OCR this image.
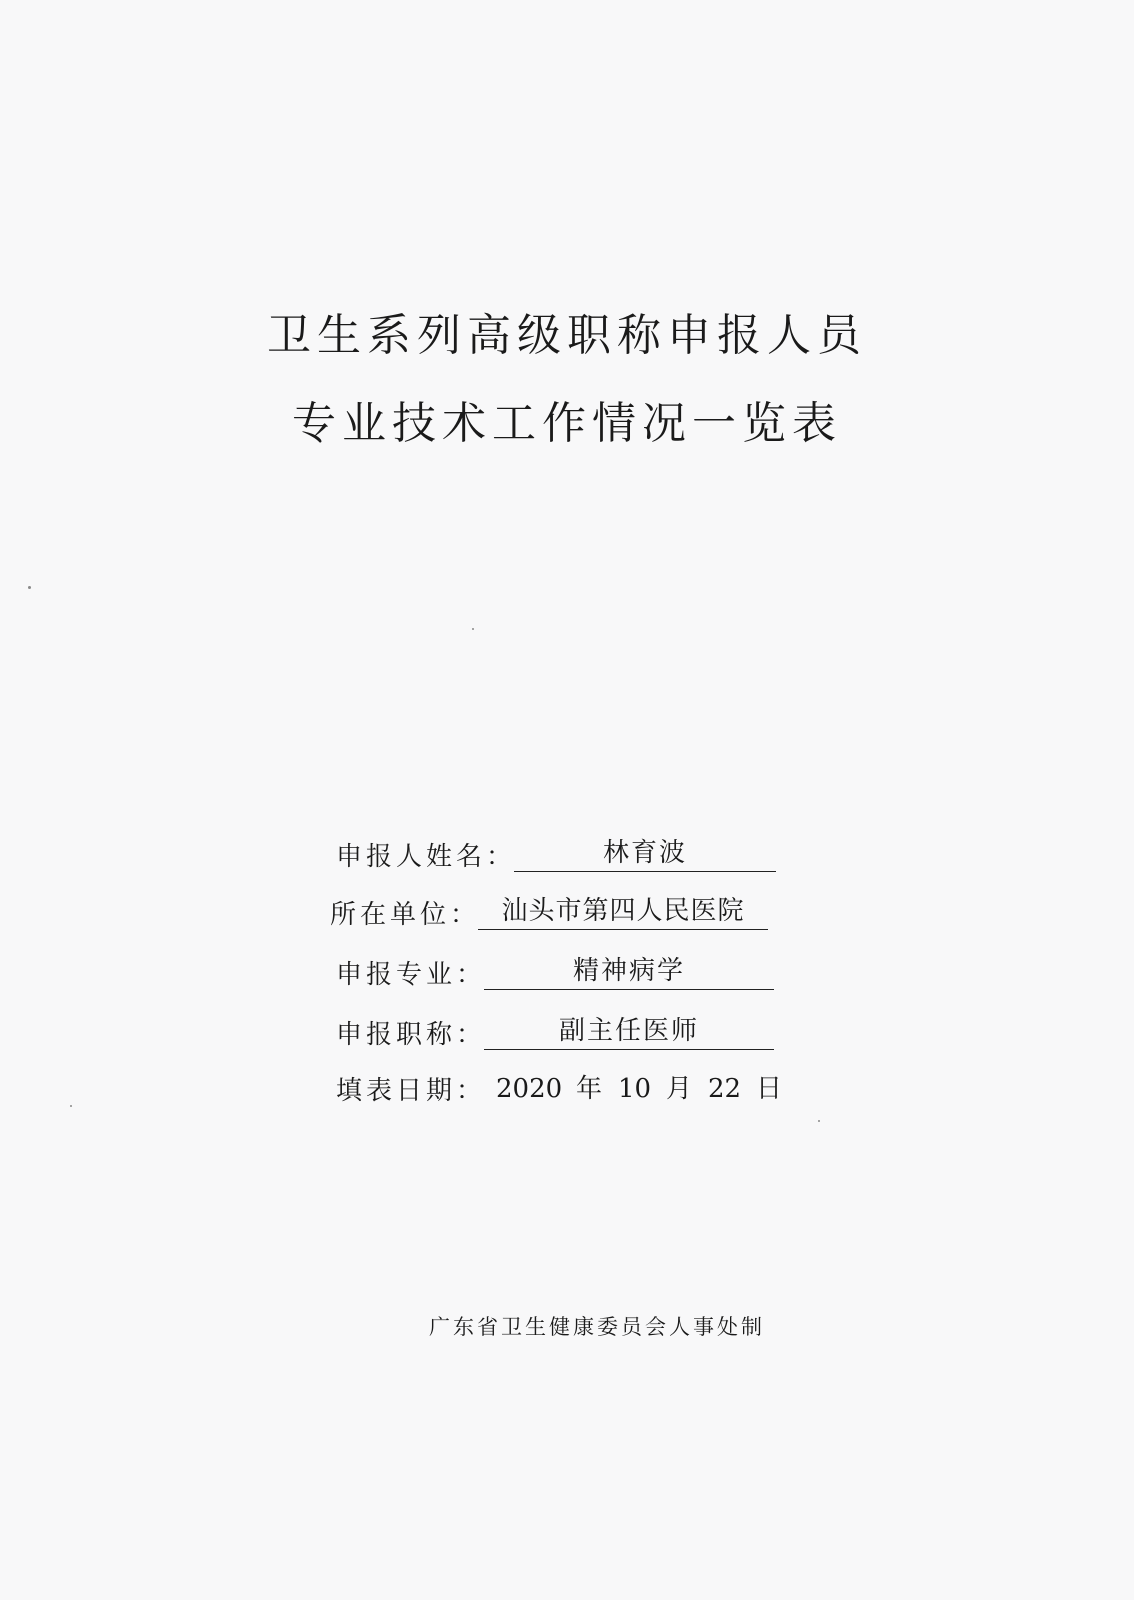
卫生系列高级职称申报人员
专业技术工作情况一览表
申报人姓名：	林育波
所在单位： 汕头市第四人民医院
申报专业：	精神病学
申报职称：	副主任医师
填表日期： 2020 年 10 月 22 日
广东省卫生健康委员会人事处制
